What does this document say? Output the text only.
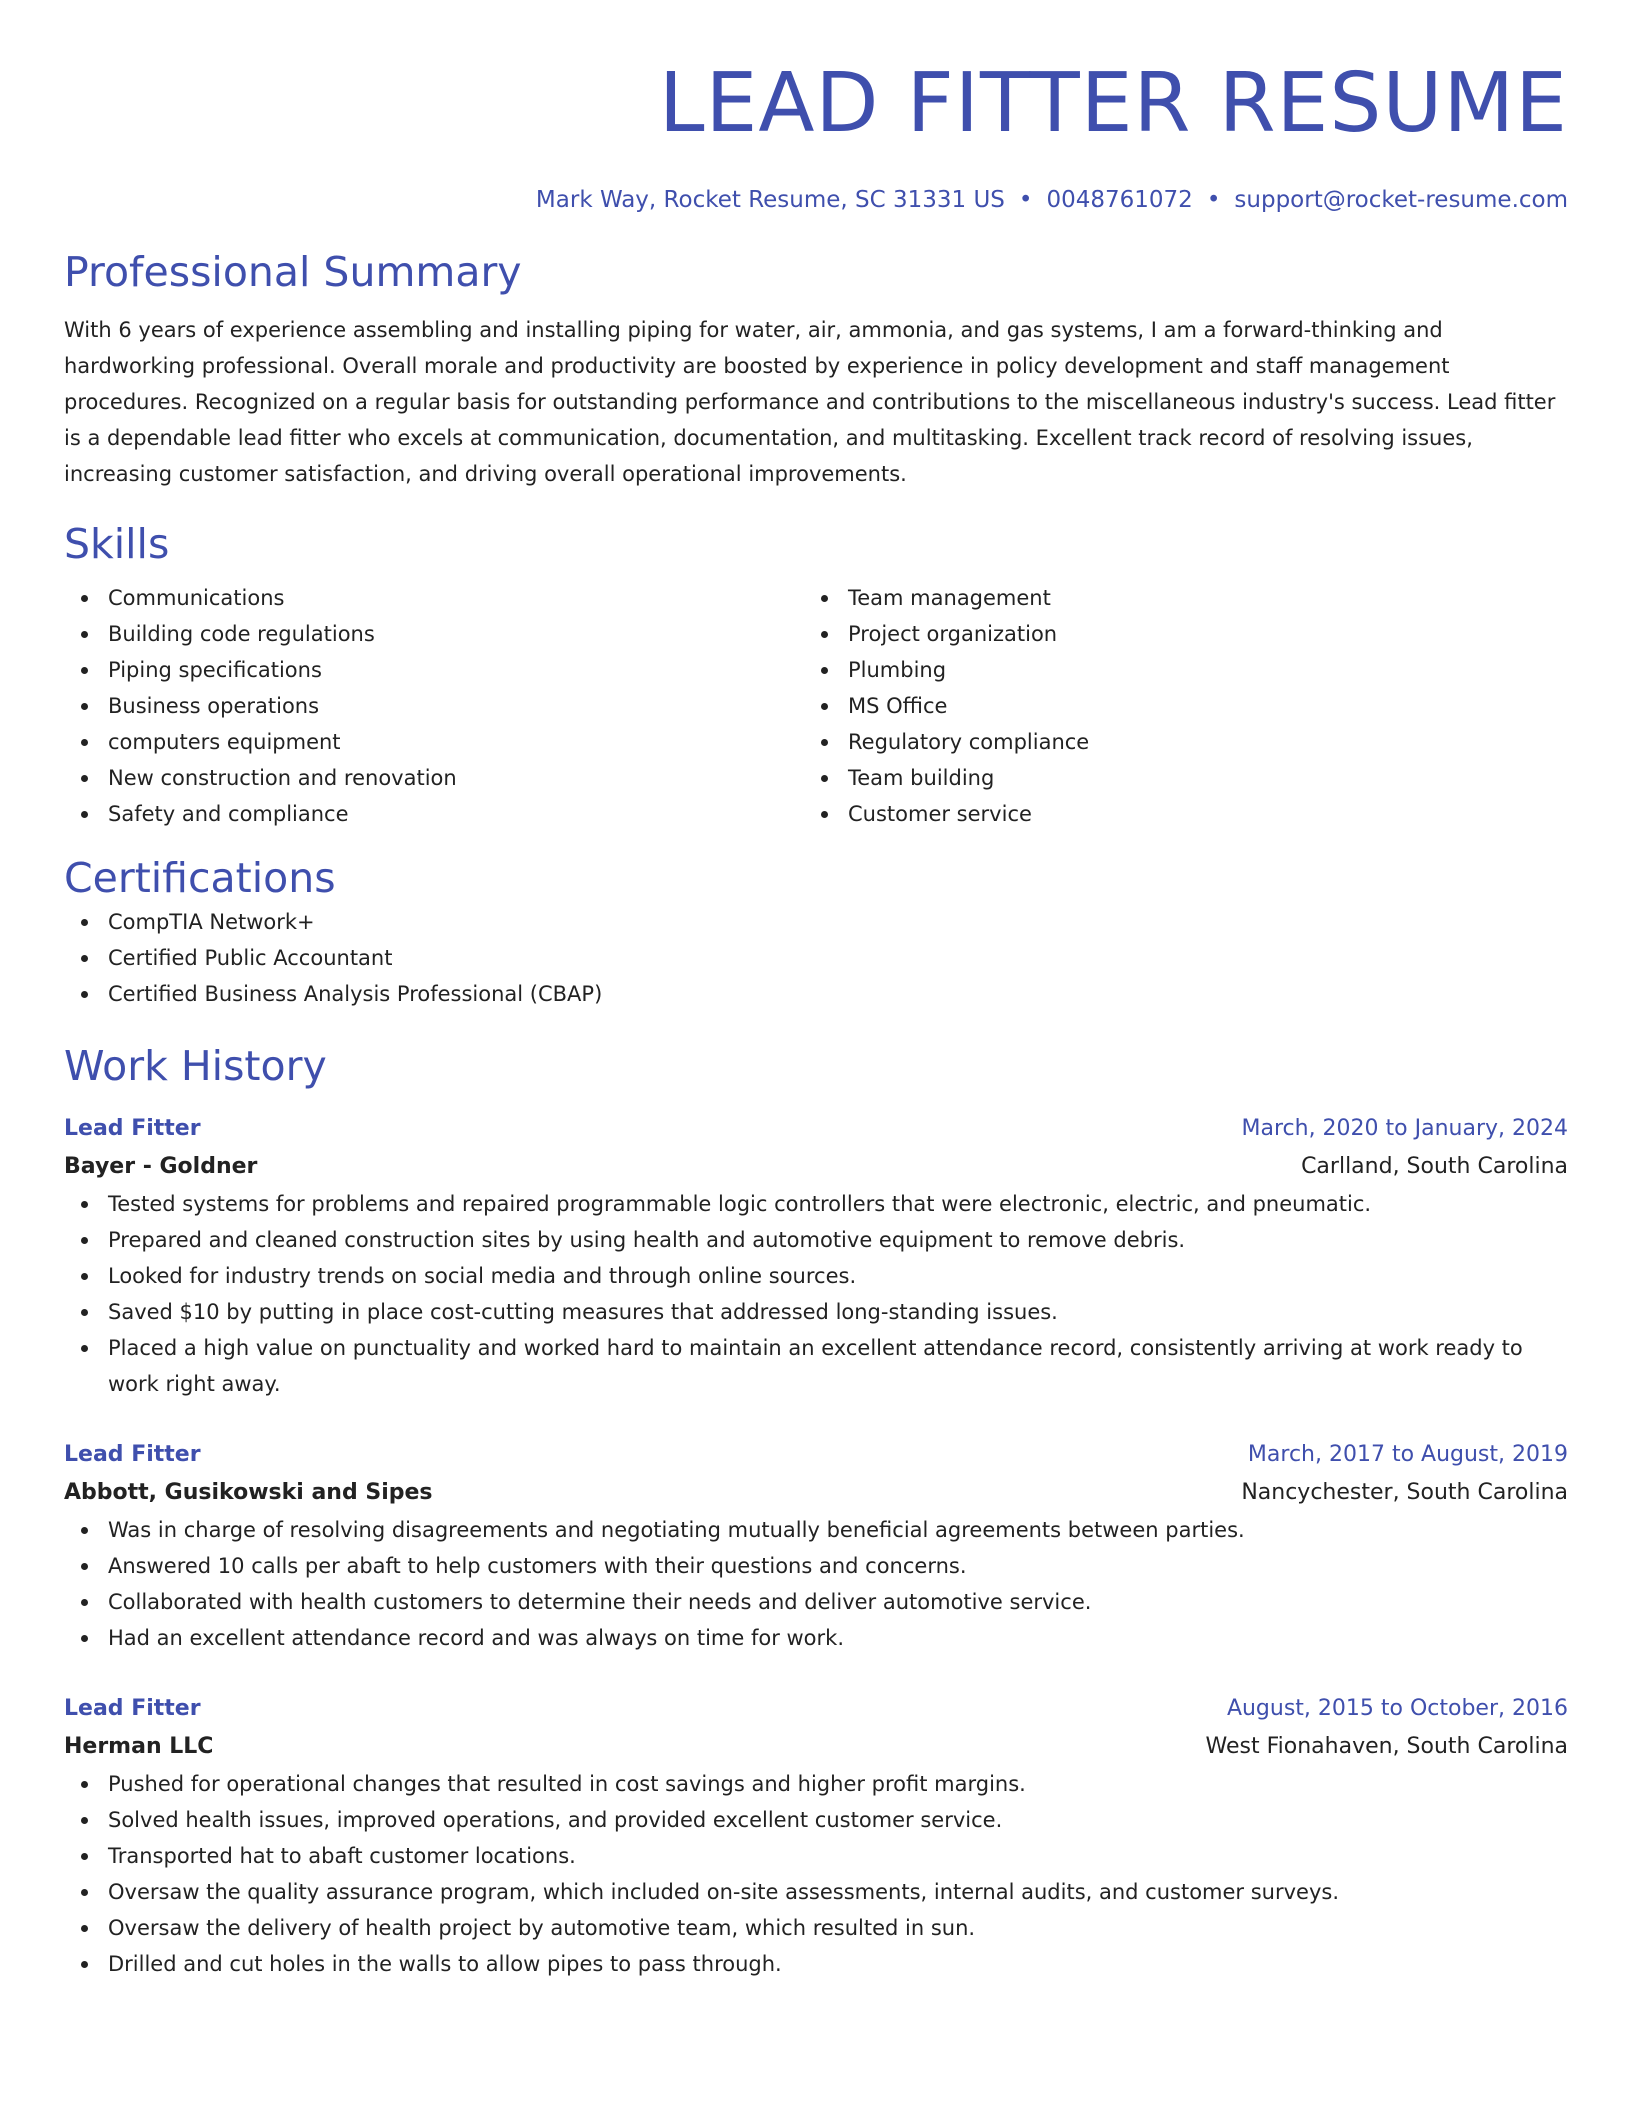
LEAD FITTER RESUME
Mark Way, Rocket Resume, SC 31331 US • 0048761072 • support@rocket-resume.com
Professional Summary

With 6 years of experience assembling and installing piping for water, air, ammonia, and gas systems, I am a forward-thinking and hardworking professional. Overall morale and productivity are boosted by experience in policy development and staff management procedures. Recognized on a regular basis for outstanding performance and contributions to the miscellaneous industry's success. Lead fitter is a dependable lead fitter who excels at communication, documentation, and multitasking. Excellent track record of resolving issues, increasing customer satisfaction, and driving overall operational improvements.

Skills
Communications
Building code regulations
Piping specifications
Business operations
computers equipment
New construction and renovation
Safety and compliance
Team management
Project organization
Plumbing
MS Office
Regulatory compliance
Team building
Customer service
Certifications
CompTIA Network+
Certified Public Accountant
Certified Business Analysis Professional (CBAP)
Work History
Lead Fitter	March, 2020 to January, 2024
Bayer - Goldner	Carlland, South Carolina
Tested systems for problems and repaired programmable logic controllers that were electronic, electric, and pneumatic.
Prepared and cleaned construction sites by using health and automotive equipment to remove debris.
Looked for industry trends on social media and through online sources.
Saved $10 by putting in place cost-cutting measures that addressed long-standing issues.
Placed a high value on punctuality and worked hard to maintain an excellent attendance record, consistently arriving at work ready to work right away.
Lead Fitter	March, 2017 to August, 2019
Abbott, Gusikowski and Sipes	Nancychester, South Carolina
Was in charge of resolving disagreements and negotiating mutually beneficial agreements between parties.
Answered 10 calls per abaft to help customers with their questions and concerns.
Collaborated with health customers to determine their needs and deliver automotive service.
Had an excellent attendance record and was always on time for work.
Lead Fitter	August, 2015 to October, 2016
Herman LLC	West Fionahaven, South Carolina
Pushed for operational changes that resulted in cost savings and higher profit margins.
Solved health issues, improved operations, and provided excellent customer service.
Transported hat to abaft customer locations.
Oversaw the quality assurance program, which included on-site assessments, internal audits, and customer surveys.
Oversaw the delivery of health project by automotive team, which resulted in sun.
Drilled and cut holes in the walls to allow pipes to pass through.
